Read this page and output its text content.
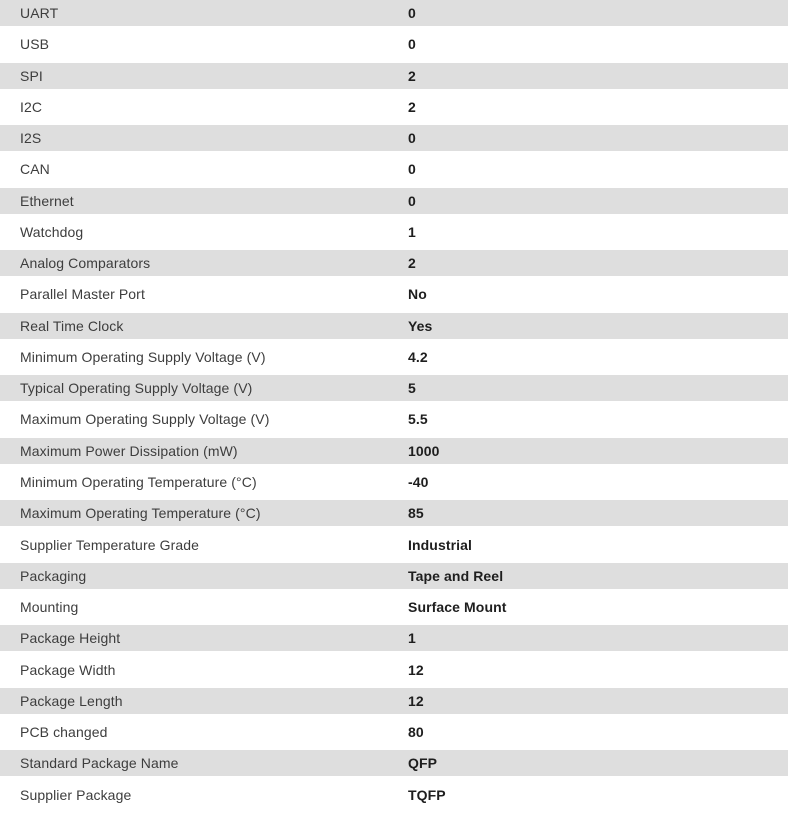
UART	0
USB	0
SPI	2
I2C	2
I2S	0
CAN	0
Ethernet	0
Watchdog	1
Analog Comparators	2
Parallel Master Port	No
Real Time Clock	Yes
Minimum Operating Supply Voltage (V)	4.2
Typical Operating Supply Voltage (V)	5
Maximum Operating Supply Voltage (V)	5.5
Maximum Power Dissipation (mW)	1000
Minimum Operating Temperature (°C)	-40
Maximum Operating Temperature (°C)	85
Supplier Temperature Grade	Industrial
Packaging	Tape and Reel
Mounting	Surface Mount
Package Height	1
Package Width	12
Package Length	12
PCB changed	80
Standard Package Name	QFP
Supplier Package	TQFP
